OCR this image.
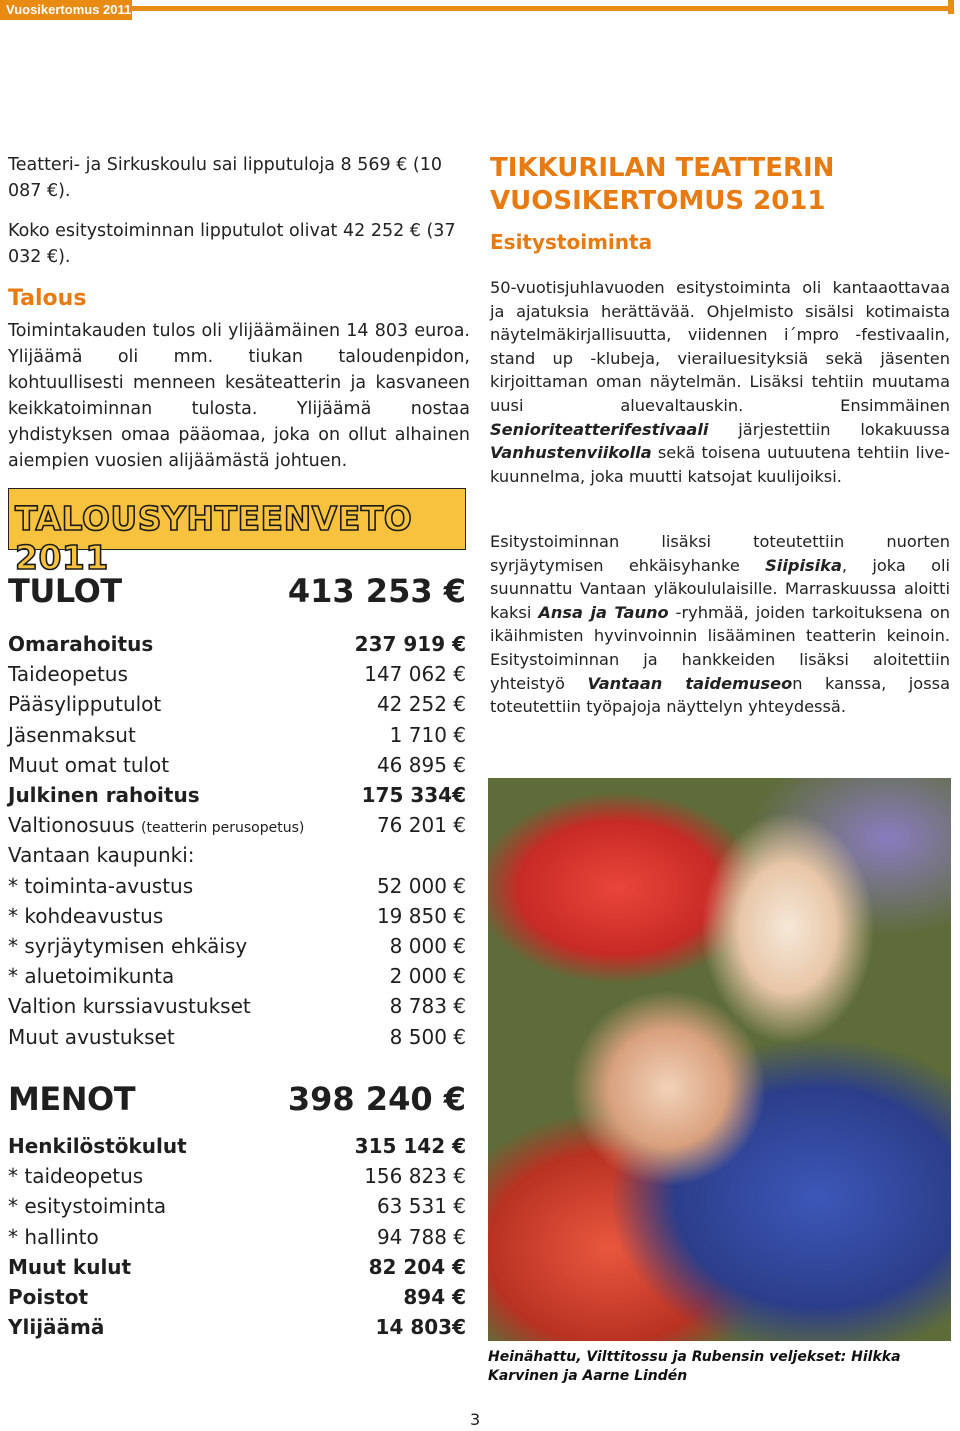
Vuosikertomus 2011
Teatteri- ja Sirkuskoulu sai lipputuloja 8 569 € (10 087 €).
Koko esitystoiminnan lipputulot olivat 42 252 € (37 032 €).
Talous
Toimintakauden tulos oli ylijäämäinen 14 803 euroa. Ylijäämä oli mm. tiukan taloudenpidon, kohtuullisesti menneen kesäteatterin ja kasvaneen keikkatoiminnan tulosta. Ylijäämä nostaa yhdistyksen omaa pääomaa, joka on ollut alhainen aiempien vuosien alijäämästä johtuen.
TALOUSYHTEENVETO 2011
TULOT	413 253 €
Omarahoitus	237 919 €
Taideopetus	147 062 €
Pääsylipputulot	42 252 €
Jäsenmaksut	1 710 €
Muut omat tulot	46 895 €
Julkinen rahoitus	175 334€
Valtionosuus (teatterin perusopetus)	76 201 €
Vantaan kaupunki:
* toiminta-avustus	52 000 €
* kohdeavustus	19 850 €
* syrjäytymisen ehkäisy	8 000 €
* aluetoimikunta	2 000 €
Valtion kurssiavustukset	8 783 €
Muut avustukset	8 500 €
MENOT	398 240 €
Henkilöstökulut	315 142 €
* taideopetus	156 823 €
* esitystoiminta	63 531 €
* hallinto	94 788 €
Muut kulut	82 204 €
Poistot	894 €
Ylijäämä	14 803€
TIKKURILAN TEATTERIN VUOSIKERTOMUS 2011
Esitystoiminta
50-vuotisjuhlavuoden esitystoiminta oli kantaaottavaa ja ajatuksia herättävää. Ohjelmisto sisälsi kotimaista näytelmäkirjallisuutta, viidennen i´mpro -festivaalin, stand up -klubeja, vierailuesityksiä sekä jäsenten kirjoittaman oman näytelmän. Lisäksi tehtiin muutama uusi aluevaltauskin. Ensimmäinen Senioriteatterifestivaali järjestettiin lokakuussa Vanhustenviikolla sekä toisena uutuutena tehtiin live-kuunnelma, joka muutti katsojat kuulijoiksi.
Esitystoiminnan lisäksi toteutettiin nuorten syrjäytymisen ehkäisyhanke Siipisika, joka oli suunnattu Vantaan yläkoululaisille. Marraskuussa aloitti kaksi Ansa ja Tauno -ryhmää, joiden tarkoituksena on ikäihmisten hyvinvoinnin lisääminen teatterin keinoin. Esitystoiminnan ja hankkeiden lisäksi aloitettiin yhteistyö Vantaan taidemuseon kanssa, jossa toteutettiin työpajoja näyttelyn yhteydessä.
Heinähattu, Vilttitossu ja Rubensin veljekset: Hilkka Karvinen ja Aarne Lindén
3
